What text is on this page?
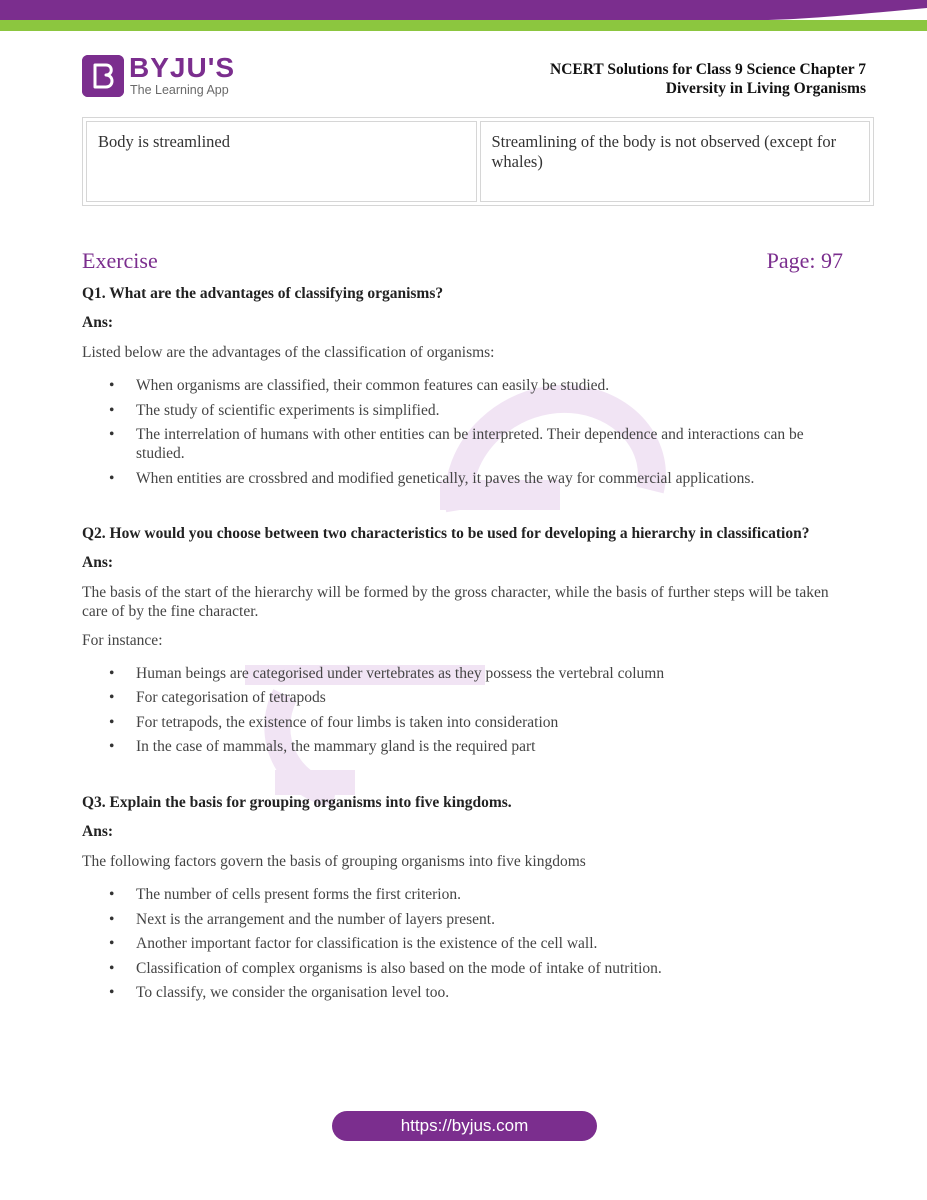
BYJU'S
The Learning App
NCERT Solutions for Class 9 Science Chapter 7
Diversity in Living Organisms
Body is streamlined	Streamlining of the body is not observed (except for whales)
Exercise	Page: 97
Q1. What are the advantages of classifying organisms?
Ans:
Listed below are the advantages of the classification of organisms:
• When organisms are classified, their common features can easily be studied.
• The study of scientific experiments is simplified.
• The interrelation of humans with other entities can be interpreted. Their dependence and interactions can be studied.
• When entities are crossbred and modified genetically, it paves the way for commercial applications.
Q2. How would you choose between two characteristics to be used for developing a hierarchy in classification?
Ans:
The basis of the start of the hierarchy will be formed by the gross character, while the basis of further steps will be taken care of by the fine character.
For instance:
• Human beings are categorised under vertebrates as they possess the vertebral column
• For categorisation of tetrapods
• For tetrapods, the existence of four limbs is taken into consideration
• In the case of mammals, the mammary gland is the required part
Q3. Explain the basis for grouping organisms into five kingdoms.
Ans:
The following factors govern the basis of grouping organisms into five kingdoms
• The number of cells present forms the first criterion.
• Next is the arrangement and the number of layers present.
• Another important factor for classification is the existence of the cell wall.
• Classification of complex organisms is also based on the mode of intake of nutrition.
• To classify, we consider the organisation level too.
https://byjus.com
